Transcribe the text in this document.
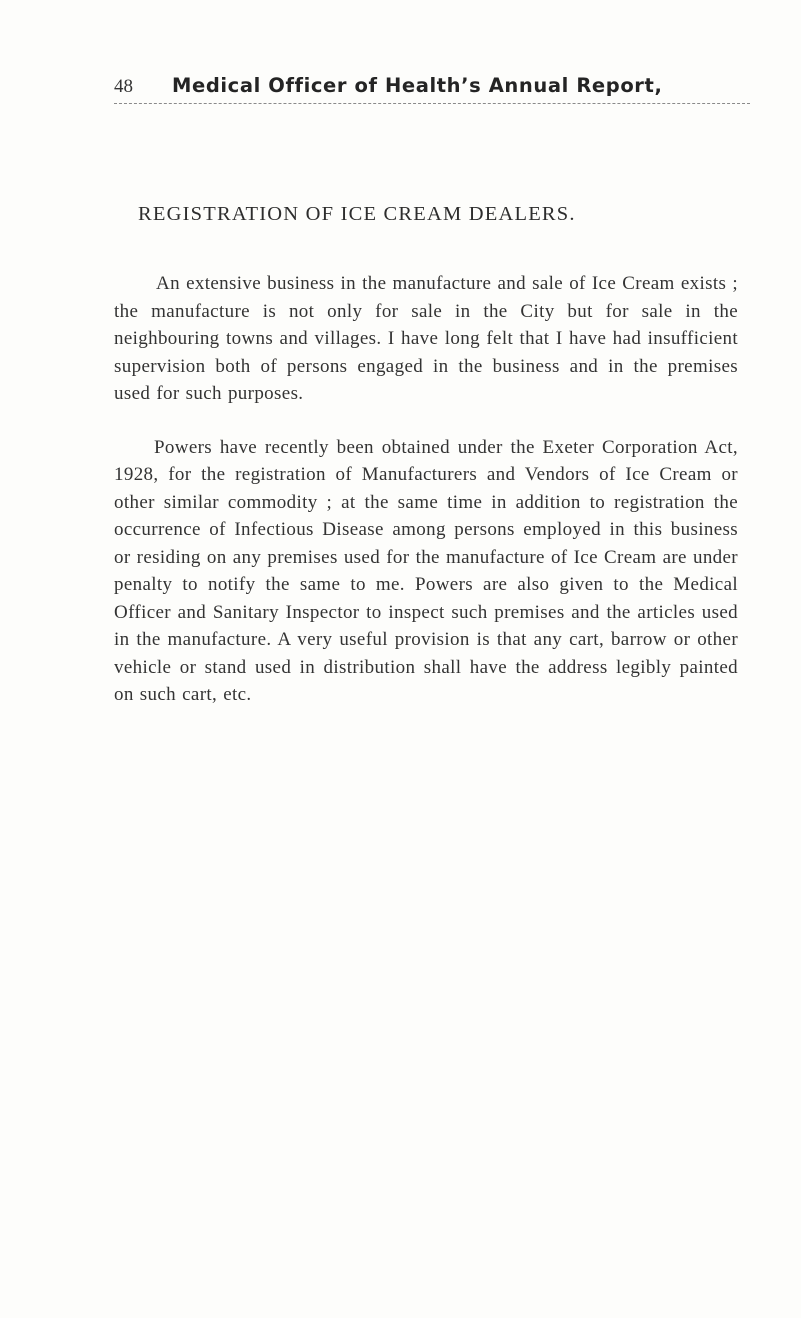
48 Medical Officer of Health’s Annual Report,
REGISTRATION OF ICE CREAM DEALERS.

An extensive business in the manufacture and sale of Ice Cream exists ; the manufacture is not only for sale in the City but for sale in the neighbouring towns and villages. I have long felt that I have had insufficient supervision both of persons engaged in the business and in the premises used for such purposes.

Powers have recently been obtained under the Exeter Corporation Act, 1928, for the registration of Manufacturers and Vendors of Ice Cream or other similar commodity ; at the same time in addition to registration the occurrence of Infectious Disease among persons employed in this business or residing on any premises used for the manufacture of Ice Cream are under penalty to notify the same to me. Powers are also given to the Medical Officer and Sanitary Inspector to inspect such premises and the articles used in the manufacture. A very useful provision is that any cart, barrow or other vehicle or stand used in distribution shall have the address legibly painted on such cart, etc.
